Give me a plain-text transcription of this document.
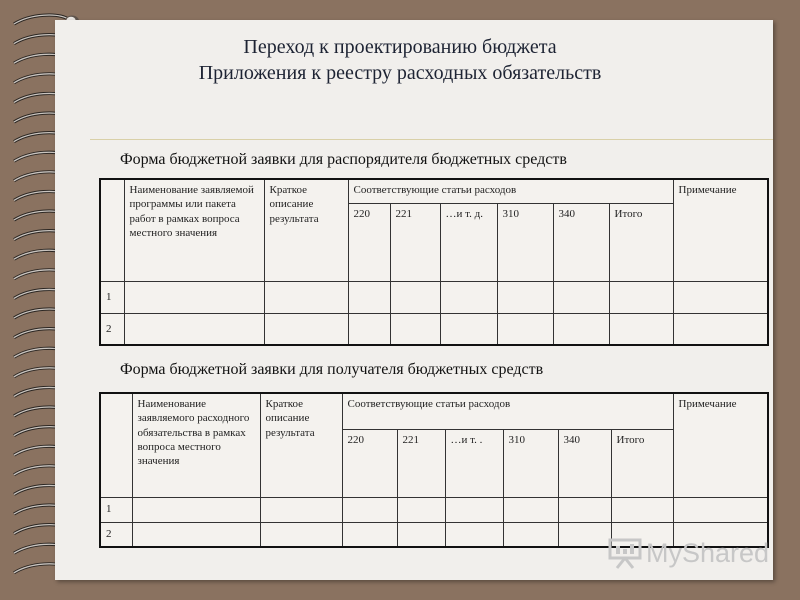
Переход к проектированию бюджета
Приложения к реестру расходных обязательств
Форма бюджетной заявки для распорядителя бюджетных средств
	Наименование заявляемой программы или пакета работ в рамках вопроса местного значения	Краткое описание результата	Соответствующие статьи расходов						Примечание
			220	221	…и т. д.	310	340	Итого	
1									
2									
Форма бюджетной заявки для получателя бюджетных средств
	Наименование заявляемого расходного обязательства в рамках вопроса местного значения	Краткое описание результата	Соответствующие статьи расходов						Примечание
			220	221	…и т. .	310	340	Итого	
1									
2									
MyShared
